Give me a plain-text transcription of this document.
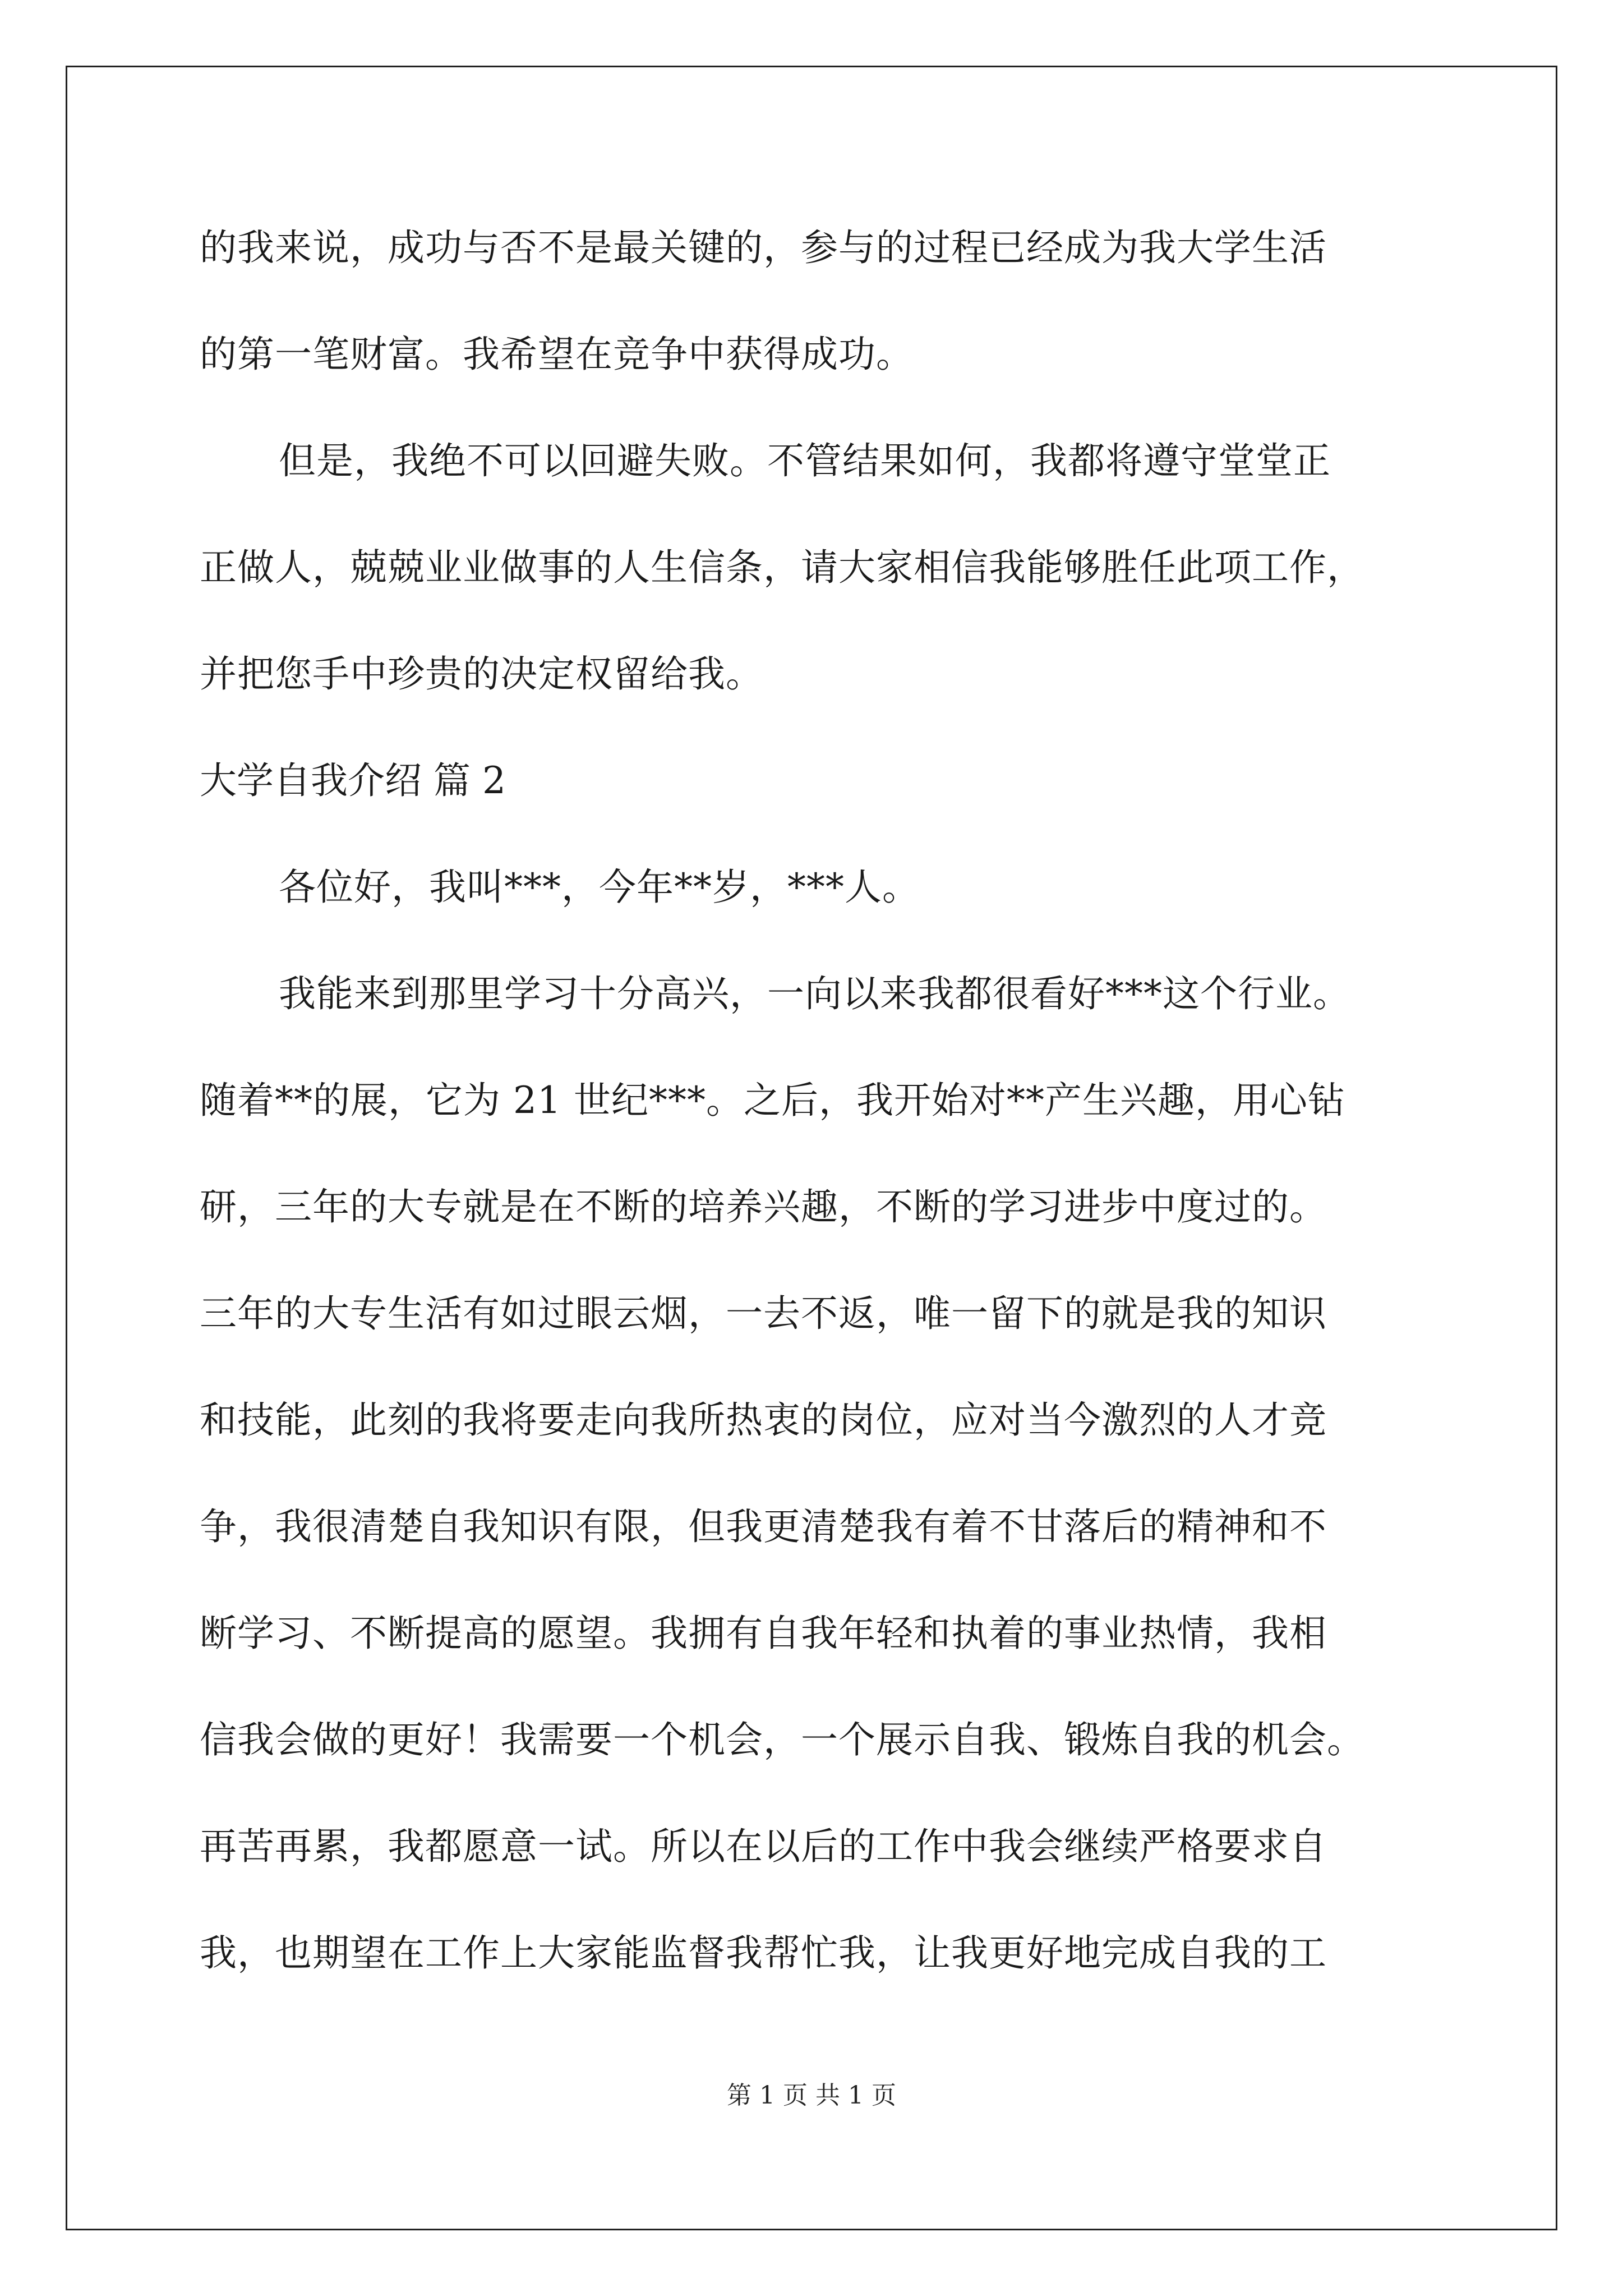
的我来说，成功与否不是最关键的，参与的过程已经成为我大学生活
的第一笔财富。我希望在竞争中获得成功。
但是，我绝不可以回避失败。不管结果如何，我都将遵守堂堂正
正做人，兢兢业业做事的人生信条，请大家相信我能够胜任此项工作，
并把您手中珍贵的决定权留给我。
大学自我介绍 篇 2
各位好，我叫***，今年**岁，***人。
我能来到那里学习十分高兴，一向以来我都很看好***这个行业。
随着**的展，它为 21 世纪***。之后，我开始对**产生兴趣，用心钻
研，三年的大专就是在不断的培养兴趣，不断的学习进步中度过的。
三年的大专生活有如过眼云烟，一去不返，唯一留下的就是我的知识
和技能，此刻的我将要走向我所热衷的岗位，应对当今激烈的人才竞
争，我很清楚自我知识有限，但我更清楚我有着不甘落后的精神和不
断学习、不断提高的愿望。我拥有自我年轻和执着的事业热情，我相
信我会做的更好！我需要一个机会，一个展示自我、锻炼自我的机会。
再苦再累，我都愿意一试。所以在以后的工作中我会继续严格要求自
我，也期望在工作上大家能监督我帮忙我，让我更好地完成自我的工
第 1 页 共 1 页
